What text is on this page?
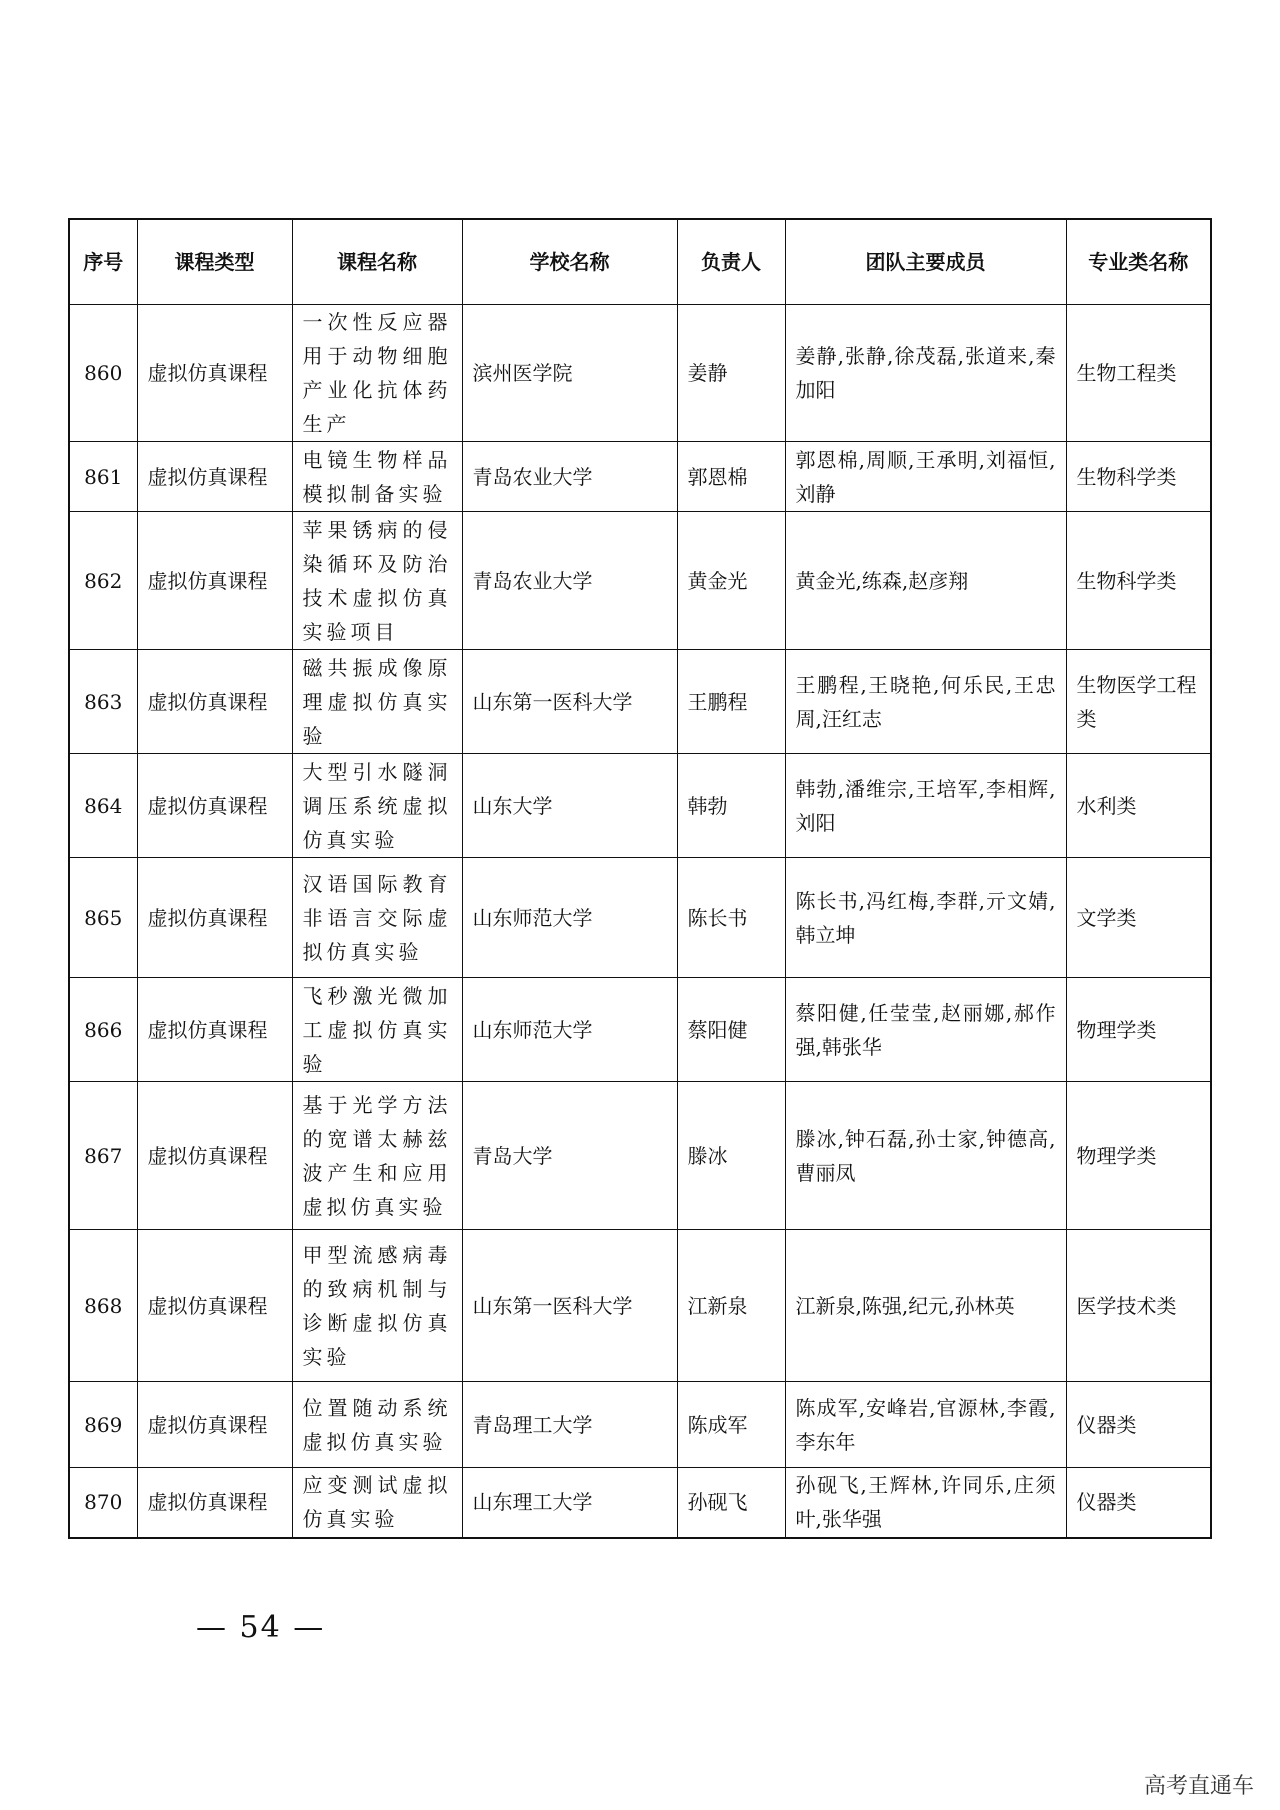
序号	课程类型	课程名称	学校名称	负责人	团队主要成员	专业类名称
860	虚拟仿真课程	一次性反应器用于动物细胞产业化抗体药生产	滨州医学院	姜静	姜静,张静,徐茂磊,张道来,秦加阳	生物工程类
861	虚拟仿真课程	电镜生物样品模拟制备实验	青岛农业大学	郭恩棉	郭恩棉,周顺,王承明,刘福恒,刘静	生物科学类
862	虚拟仿真课程	苹果锈病的侵染循环及防治技术虚拟仿真实验项目	青岛农业大学	黄金光	黄金光,练森,赵彦翔	生物科学类
863	虚拟仿真课程	磁共振成像原理虚拟仿真实验	山东第一医科大学	王鹏程	王鹏程,王晓艳,何乐民,王忠周,汪红志	生物医学工程类
864	虚拟仿真课程	大型引水隧洞调压系统虚拟仿真实验	山东大学	韩勃	韩勃,潘维宗,王培军,李相辉,刘阳	水利类
865	虚拟仿真课程	汉语国际教育非语言交际虚拟仿真实验	山东师范大学	陈长书	陈长书,冯红梅,李群,亓文婧,韩立坤	文学类
866	虚拟仿真课程	飞秒激光微加工虚拟仿真实验	山东师范大学	蔡阳健	蔡阳健,任莹莹,赵丽娜,郝作强,韩张华	物理学类
867	虚拟仿真课程	基于光学方法的宽谱太赫兹波产生和应用虚拟仿真实验	青岛大学	滕冰	滕冰,钟石磊,孙士家,钟德高,曹丽凤	物理学类
868	虚拟仿真课程	甲型流感病毒的致病机制与诊断虚拟仿真实验	山东第一医科大学	江新泉	江新泉,陈强,纪元,孙林英	医学技术类
869	虚拟仿真课程	位置随动系统虚拟仿真实验	青岛理工大学	陈成军	陈成军,安峰岩,官源林,李霞,李东年	仪器类
870	虚拟仿真课程	应变测试虚拟仿真实验	山东理工大学	孙砚飞	孙砚飞,王辉林,许同乐,庄须叶,张华强	仪器类
— 54 —
高考直通车
